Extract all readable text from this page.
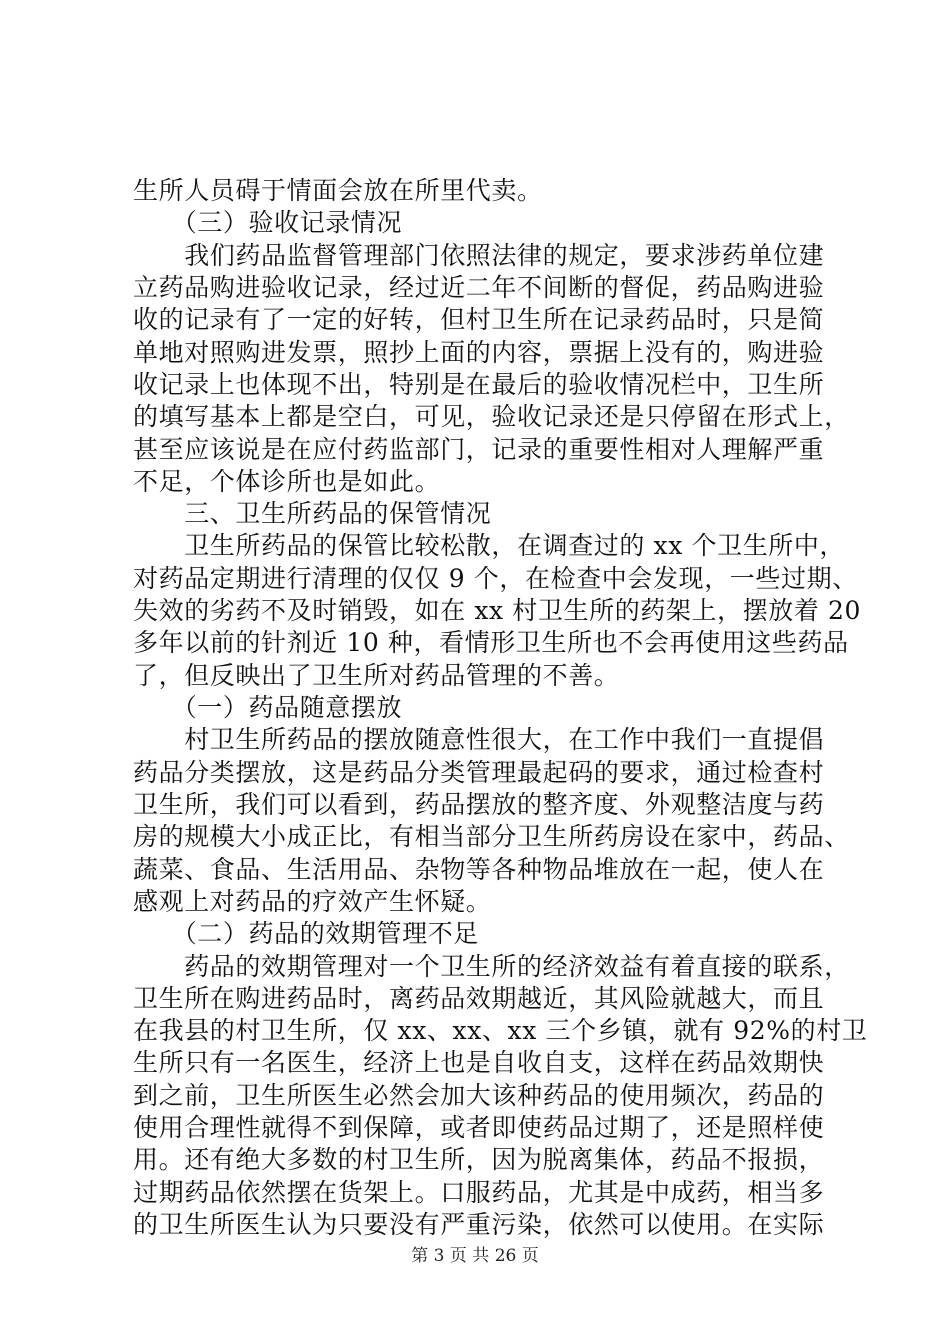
生所人员碍于情面会放在所里代卖。
　　（三）验收记录情况
　　我们药品监督管理部门依照法律的规定，要求涉药单位建
立药品购进验收记录，经过近二年不间断的督促，药品购进验
收的记录有了一定的好转，但村卫生所在记录药品时，只是简
单地对照购进发票，照抄上面的内容，票据上没有的，购进验
收记录上也体现不出，特别是在最后的验收情况栏中，卫生所
的填写基本上都是空白，可见，验收记录还是只停留在形式上，
甚至应该说是在应付药监部门，记录的重要性相对人理解严重
不足，个体诊所也是如此。
　　三、卫生所药品的保管情况
　　卫生所药品的保管比较松散，在调查过的 xx 个卫生所中，
对药品定期进行清理的仅仅 9 个，在检查中会发现，一些过期、
失效的劣药不及时销毁，如在 xx 村卫生所的药架上，摆放着 20
多年以前的针剂近 10 种，看情形卫生所也不会再使用这些药品
了，但反映出了卫生所对药品管理的不善。
　　（一）药品随意摆放
　　村卫生所药品的摆放随意性很大，在工作中我们一直提倡
药品分类摆放，这是药品分类管理最起码的要求，通过检查村
卫生所，我们可以看到，药品摆放的整齐度、外观整洁度与药
房的规模大小成正比，有相当部分卫生所药房设在家中，药品、
蔬菜、食品、生活用品、杂物等各种物品堆放在一起，使人在
感观上对药品的疗效产生怀疑。
　　（二）药品的效期管理不足
　　药品的效期管理对一个卫生所的经济效益有着直接的联系，
卫生所在购进药品时，离药品效期越近，其风险就越大，而且
在我县的村卫生所，仅 xx、xx、xx 三个乡镇，就有 92%的村卫
生所只有一名医生，经济上也是自收自支，这样在药品效期快
到之前，卫生所医生必然会加大该种药品的使用频次，药品的
使用合理性就得不到保障，或者即使药品过期了，还是照样使
用。还有绝大多数的村卫生所，因为脱离集体，药品不报损，
过期药品依然摆在货架上。口服药品，尤其是中成药，相当多
第 3 页 共 26 页
的卫生所医生认为只要没有严重污染，依然可以使用。在实际
